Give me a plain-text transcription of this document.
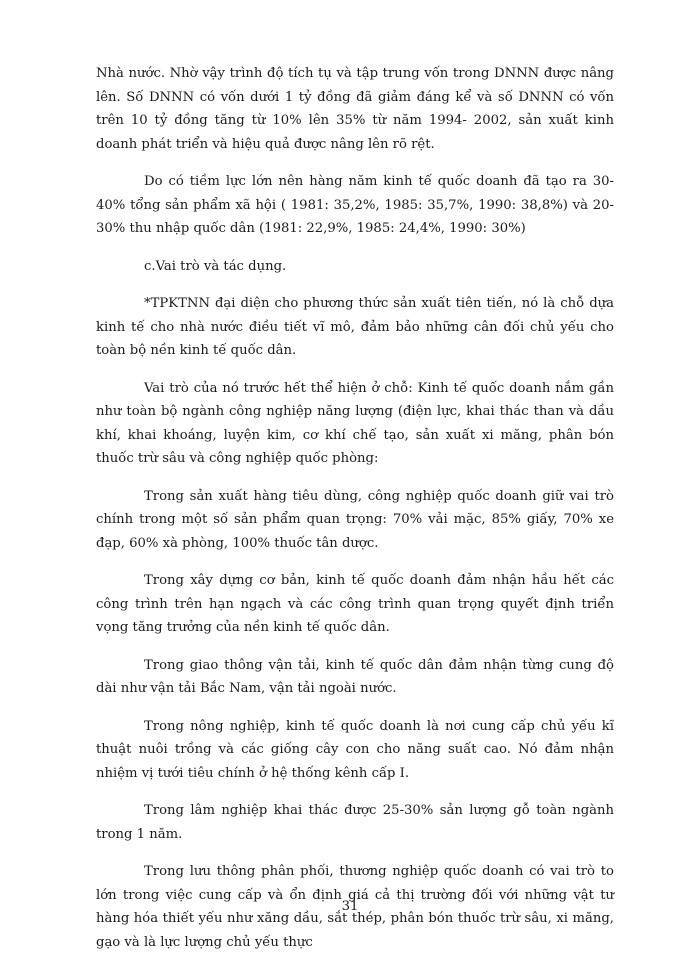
Nhà nước. Nhờ vậy trình độ tích tụ và tập trung vốn trong DNNN được nâng lên. Số DNNN có vốn dưới 1 tỷ đồng đã giảm đáng kể và số DNNN có vốn trên 10 tỷ đồng tăng từ 10% lên 35% từ năm 1994- 2002, sản xuất kinh doanh phát triển và hiệu quả được nâng lên rõ rệt.

Do có tiềm lực lớn nên hàng năm kinh tế quốc doanh đã tạo ra 30-40% tổng sản phẩm xã hội ( 1981: 35,2%, 1985: 35,7%, 1990: 38,8%) và 20-30% thu nhập quốc dân (1981: 22,9%, 1985: 24,4%, 1990: 30%)

c.Vai trò và tác dụng.

*TPKTNN đại diện cho phương thức sản xuất tiên tiến, nó là chỗ dựa kinh tế cho nhà nước điều tiết vĩ mô, đảm bảo những cân đối chủ yếu cho toàn bộ nền kinh tế quốc dân.

Vai trò của nó trước hết thể hiện ở chỗ: Kinh tế quốc doanh nắm gần như toàn bộ ngành công nghiệp năng lượng (điện lực, khai thác than và dầu khí, khai khoáng, luyện kim, cơ khí chế tạo, sản xuất xi măng, phân bón thuốc trừ sâu và công nghiệp quốc phòng:

Trong sản xuất hàng tiêu dùng, công nghiệp quốc doanh giữ vai trò chính trong một số sản phẩm quan trọng: 70% vải mặc, 85% giấy, 70% xe đạp, 60% xà phòng, 100% thuốc tân dược.

Trong xây dựng cơ bản, kinh tế quốc doanh đảm nhận hầu hết các công trình trên hạn ngạch và các công trình quan trọng quyết định triển vọng tăng trưởng của nền kinh tế quốc dân.

Trong giao thông vận tải, kinh tế quốc dân đảm nhận từng cung độ dài như vận tải Bắc Nam, vận tải ngoài nước.

Trong nông nghiệp, kinh tế quốc doanh là nơi cung cấp chủ yếu kĩ thuật nuôi trồng và các giống cây con cho năng suất cao. Nó đảm nhận nhiệm vị tưới tiêu chính ở hệ thống kênh cấp I.

Trong lâm nghiệp khai thác được 25-30% sản lượng gỗ toàn ngành trong 1 năm.

Trong lưu thông phân phối, thương nghiệp quốc doanh có vai trò to lớn trong việc cung cấp và ổn định giá cả thị trường đối với những vật tư hàng hóa thiết yếu như xăng dầu, sắt thép, phân bón thuốc trừ sâu, xi măng, gạo và là lực lượng chủ yếu thực

31
